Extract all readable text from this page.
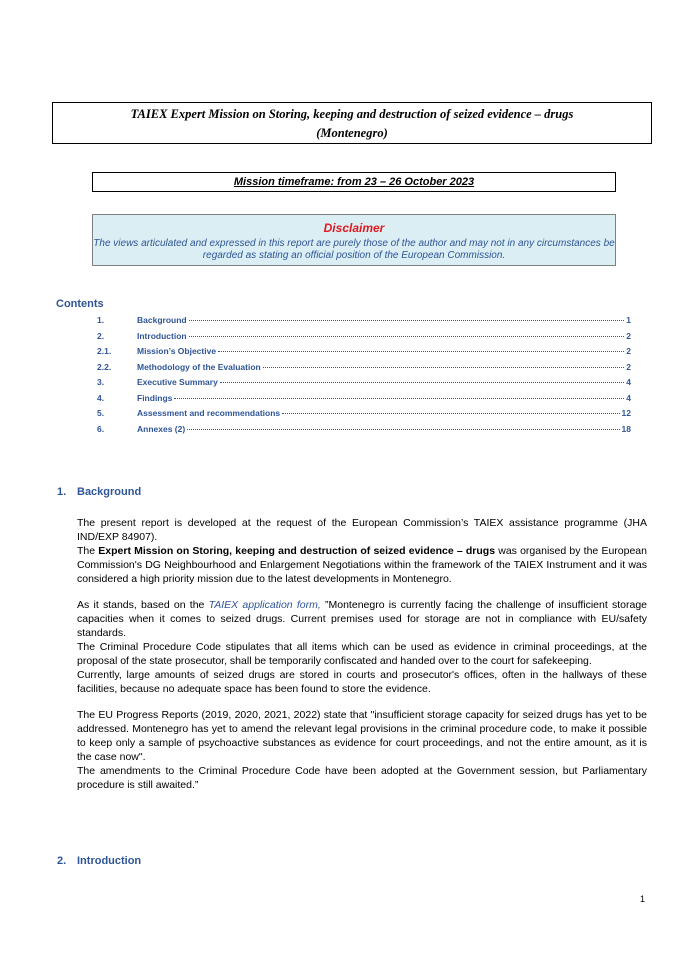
TAIEX Expert Mission on Storing, keeping and destruction of seized evidence – drugs
(Montenegro)
Mission timeframe: from 23 – 26 October 2023
Disclaimer
The views articulated and expressed in this report are purely those of the author and may not in any circumstances be regarded as stating an official position of the European Commission.
Contents
1.	Background	1
2.	Introduction	2
2.1.	Mission’s Objective	2
2.2.	Methodology of the Evaluation	2
3.	Executive Summary	4
4.	Findings	4
5.	Assessment and recommendations	12
6.	Annexes (2)	18
1. Background

The present report is developed at the request of the European Commission’s TAIEX assistance programme (JHA IND/EXP 84907).

The Expert Mission on Storing, keeping and destruction of seized evidence – drugs was organised by the European Commission's DG Neighbourhood and Enlargement Negotiations within the framework of the TAIEX Instrument and it was considered a high priority mission due to the latest developments in Montenegro.

As it stands, based on the TAIEX application form, ”Montenegro is currently facing the challenge of insufficient storage capacities when it comes to seized drugs. Current premises used for storage are not in compliance with EU/safety standards.

The Criminal Procedure Code stipulates that all items which can be used as evidence in criminal proceedings, at the proposal of the state prosecutor, shall be temporarily confiscated and handed over to the court for safekeeping.

Currently, large amounts of seized drugs are stored in courts and prosecutor's offices, often in the hallways of these facilities, because no adequate space has been found to store the evidence.

The EU Progress Reports (2019, 2020, 2021, 2022) state that "insufficient storage capacity for seized drugs has yet to be addressed. Montenegro has yet to amend the relevant legal provisions in the criminal procedure code, to make it possible to keep only a sample of psychoactive substances as evidence for court proceedings, and not the entire amount, as it is the case now".

The amendments to the Criminal Procedure Code have been adopted at the Government session, but Parliamentary procedure is still awaited.”

2. Introduction
1
